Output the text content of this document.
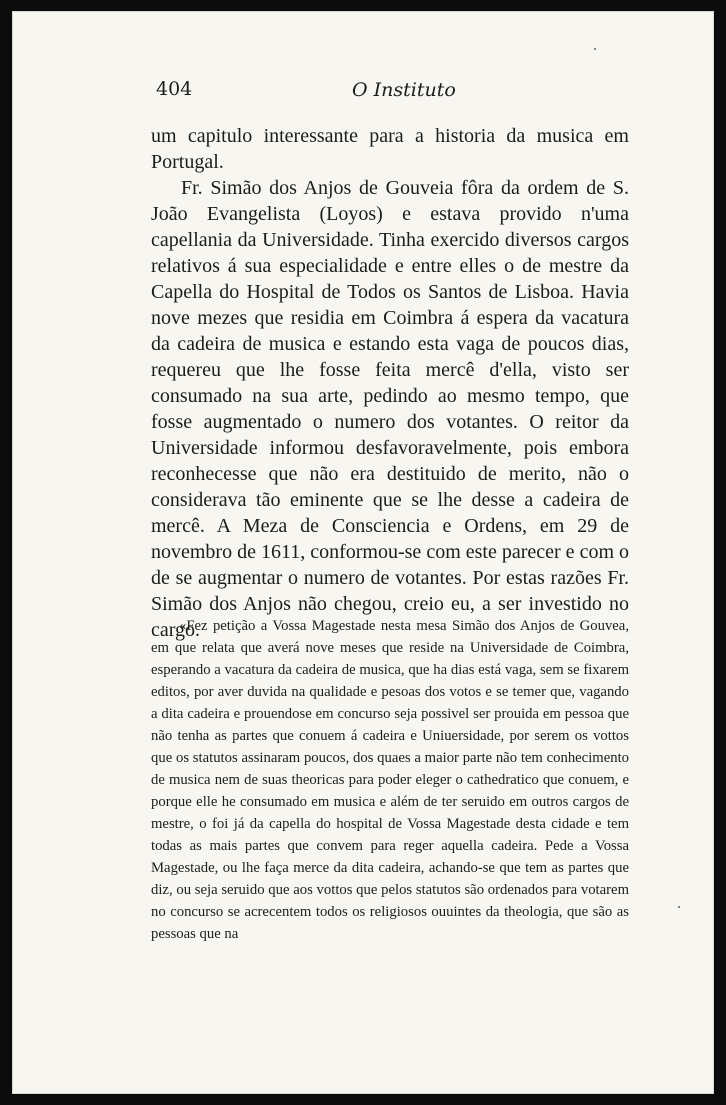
404	O Instituto

um capitulo interessante para a historia da musica em Portugal.

Fr. Simão dos Anjos de Gouveia fôra da ordem de S. João Evangelista (Loyos) e estava provido n'uma capellania da Universidade. Tinha exercido diversos cargos relativos á sua especialidade e entre elles o de mestre da Capella do Hospital de Todos os Santos de Lisboa. Havia nove mezes que residia em Coimbra á espera da vacatura da cadeira de musica e estando esta vaga de poucos dias, requereu que lhe fosse feita mercê d'ella, visto ser consumado na sua arte, pedindo ao mesmo tempo, que fosse augmentado o numero dos votantes. O reitor da Universidade informou desfavoravelmente, pois embora reconhecesse que não era destituido de merito, não o considerava tão eminente que se lhe desse a cadeira de mercê. A Meza de Consciencia e Ordens, em 29 de novembro de 1611, conformou-se com este parecer e com o de se augmentar o numero de votantes. Por estas razões Fr. Simão dos Anjos não chegou, creio eu, a ser investido no cargo.

«Fez petição a Vossa Magestade nesta mesa Simão dos Anjos de Gouvea, em que relata que averá nove meses que reside na Universidade de Coimbra, esperando a vacatura da cadeira de musica, que ha dias está vaga, sem se fixarem editos, por aver duvida na qualidade e pesoas dos votos e se temer que, vagando a dita cadeira e prouendose em concurso seja possivel ser prouida em pessoa que não tenha as partes que conuem á cadeira e Uniuersidade, por serem os vottos que os statutos assinaram poucos, dos quaes a maior parte não tem conhecimento de musica nem de suas theoricas para poder eleger o cathedratico que conuem, e porque elle he consumado em musica e além de ter seruido em outros cargos de mestre, o foi já da capella do hospital de Vossa Magestade desta cidade e tem todas as mais partes que convem para reger aquella cadeira. Pede a Vossa Magestade, ou lhe faça merce da dita cadeira, achando-se que tem as partes que diz, ou seja seruido que aos vottos que pelos statutos são ordenados para votarem no concurso se acrecentem todos os religiosos ouuintes da theologia, que são as pessoas que na
